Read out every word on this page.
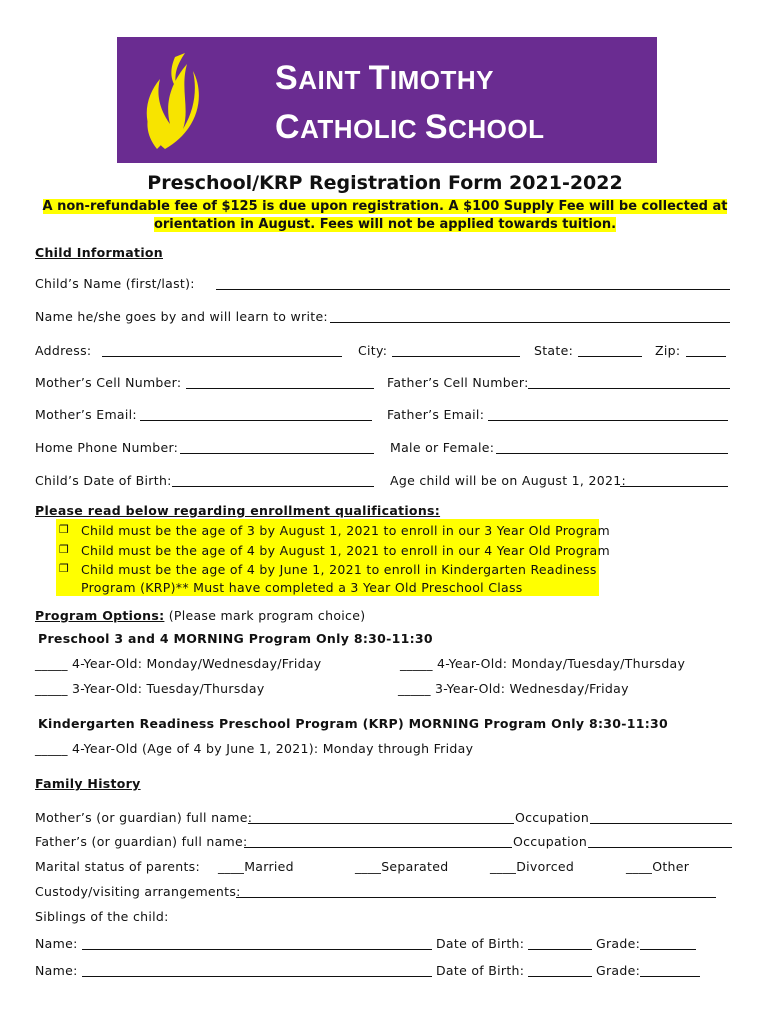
SAINT TIMOTHY
CATHOLIC SCHOOL
Preschool/KRP Registration Form 2021-2022
A non-refundable fee of $125 is due upon registration. A $100 Supply Fee will be collected at
orientation in August. Fees will not be applied towards tuition.
Child Information
Child’s Name (first/last):
Name he/she goes by and will learn to write:
Address:	City:	State:	Zip:
Mother’s Cell Number:	Father’s Cell Number:
Mother’s Email:	Father’s Email:
Home Phone Number:	Male or Female:
Child’s Date of Birth:	Age child will be on August 1, 2021:
Please read below regarding enrollment qualifications:
❒ Child must be the age of 3 by August 1, 2021 to enroll in our 3 Year Old Program
❒ Child must be the age of 4 by August 1, 2021 to enroll in our 4 Year Old Program
❒ Child must be the age of 4 by June 1, 2021 to enroll in Kindergarten Readiness
Program (KRP)** Must have completed a 3 Year Old Preschool Class
Program Options: (Please mark program choice)
Preschool 3 and 4 MORNING Program Only 8:30-11:30
_____ 4-Year-Old: Monday/Wednesday/Friday	_____ 4-Year-Old: Monday/Tuesday/Thursday
_____ 3-Year-Old: Tuesday/Thursday	_____ 3-Year-Old: Wednesday/Friday
Kindergarten Readiness Preschool Program (KRP) MORNING Program Only 8:30-11:30
_____ 4-Year-Old (Age of 4 by June 1, 2021): Monday through Friday
Family History
Mother’s (or guardian) full name:	Occupation
Father’s (or guardian) full name:	Occupation
Marital status of parents: ____Married	____Separated	____Divorced	____Other
Custody/visiting arrangements:
Siblings of the child:
Name:	Date of Birth:	Grade:
Name:	Date of Birth:	Grade:
